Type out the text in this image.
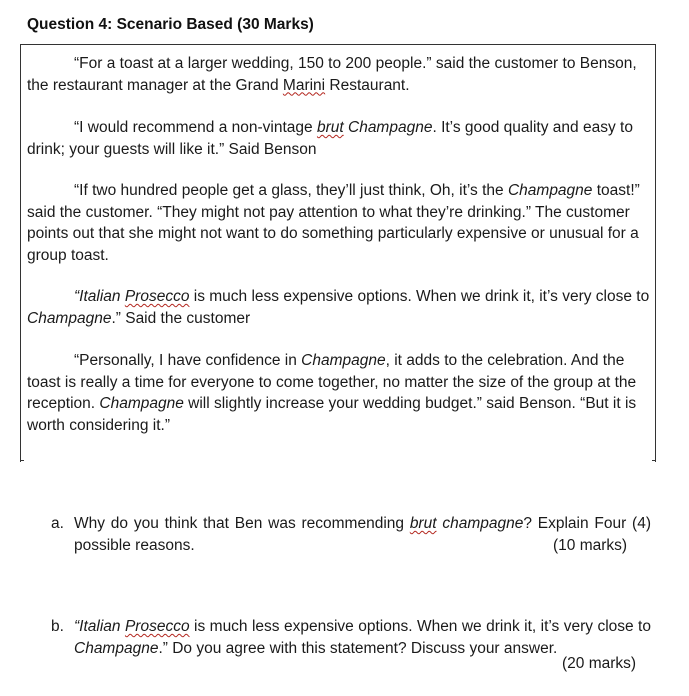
Question 4: Scenario Based (30 Marks)

“For a toast at a larger wedding, 150 to 200 people.” said the customer to Benson, the restaurant manager at the Grand Marini Restaurant.

“I would recommend a non-vintage brut Champagne. It’s good quality and easy to drink; your guests will like it.” Said Benson

“If two hundred people get a glass, they’ll just think, Oh, it’s the Champagne toast!” said the customer. “They might not pay attention to what they’re drinking.” The customer points out that she might not want to do something particularly expensive or unusual for a group toast.

“Italian Prosecco is much less expensive options. When we drink it, it’s very close to Champagne.” Said the customer

“Personally, I have confidence in Champagne, it adds to the celebration. And the toast is really a time for everyone to come together, no matter the size of the group at the reception. Champagne will slightly increase your wedding budget.” said Benson. “But it is worth considering it.”

a. Why do you think that Ben was recommending brut champagne? Explain Four (4) possible reasons.	(10 marks)
b. “Italian Prosecco is much less expensive options. When we drink it, it’s very close to Champagne.” Do you agree with this statement? Discuss your answer.

(20 marks)
